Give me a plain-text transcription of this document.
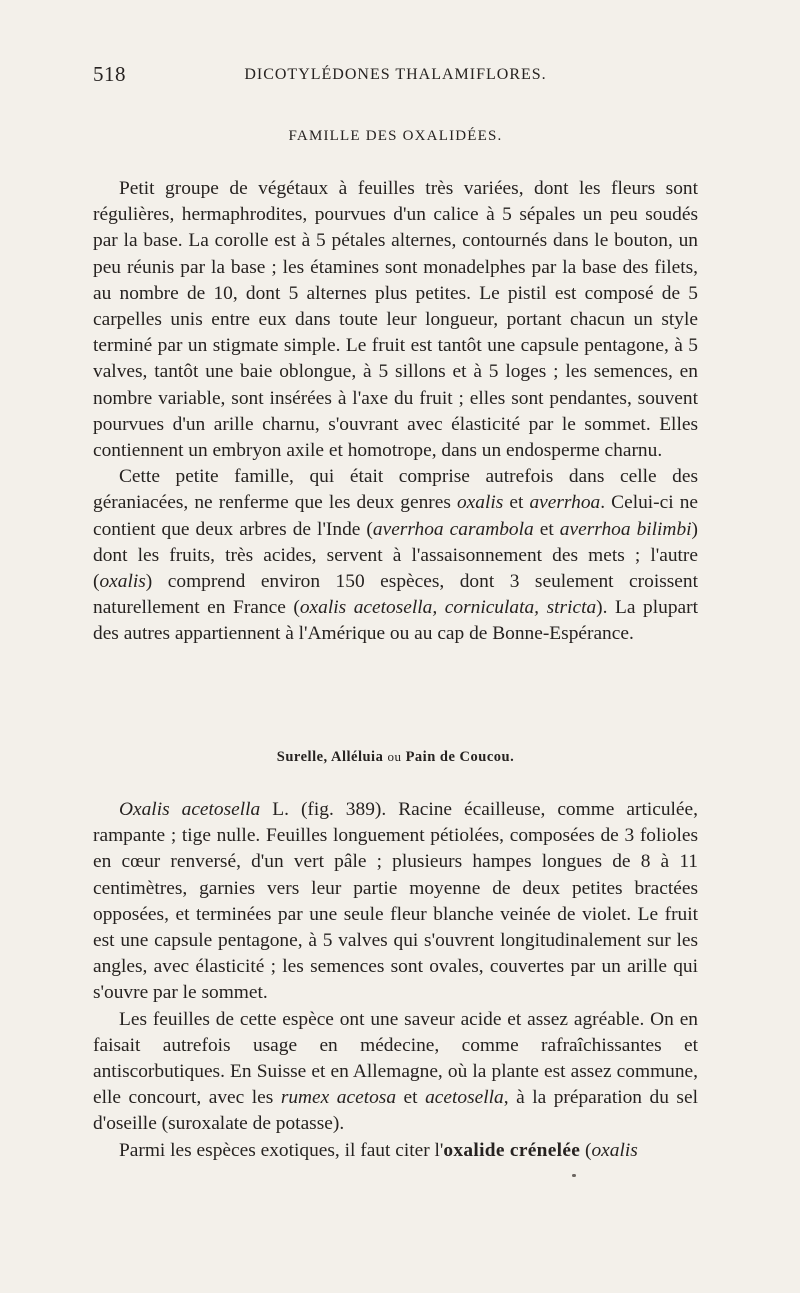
518	DICOTYLÉDONES THALAMIFLORES.
FAMILLE DES OXALIDÉES.

Petit groupe de végétaux à feuilles très variées, dont les fleurs sont régulières, hermaphrodites, pourvues d'un calice à 5 sépales un peu soudés par la base. La corolle est à 5 pétales alternes, contournés dans le bouton, un peu réunis par la base ; les étamines sont monadelphes par la base des filets, au nombre de 10, dont 5 alternes plus petites. Le pistil est composé de 5 carpelles unis entre eux dans toute leur longueur, portant chacun un style terminé par un stigmate simple. Le fruit est tantôt une capsule pentagone, à 5 valves, tantôt une baie oblongue, à 5 sillons et à 5 loges ; les semences, en nombre variable, sont insérées à l'axe du fruit ; elles sont pendantes, souvent pourvues d'un arille charnu, s'ouvrant avec élasticité par le sommet. Elles contiennent un embryon axile et homotrope, dans un endosperme charnu.

Cette petite famille, qui était comprise autrefois dans celle des géraniacées, ne renferme que les deux genres oxalis et averrhoa. Celui-ci ne contient que deux arbres de l'Inde (averrhoa carambola et averrhoa bilimbi) dont les fruits, très acides, servent à l'assaisonnement des mets ; l'autre (oxalis) comprend environ 150 espèces, dont 3 seulement croissent naturellement en France (oxalis acetosella, corniculata, stricta). La plupart des autres appartiennent à l'Amérique ou au cap de Bonne-Espérance.

Surelle, Alléluia ou Pain de Coucou.

Oxalis acetosella L. (fig. 389). Racine écailleuse, comme articulée, rampante ; tige nulle. Feuilles longuement pétiolées, composées de 3 folioles en cœur renversé, d'un vert pâle ; plusieurs hampes longues de 8 à 11 centimètres, garnies vers leur partie moyenne de deux petites bractées opposées, et terminées par une seule fleur blanche veinée de violet. Le fruit est une capsule pentagone, à 5 valves qui s'ouvrent longitudinalement sur les angles, avec élasticité ; les semences sont ovales, couvertes par un arille qui s'ouvre par le sommet.

Les feuilles de cette espèce ont une saveur acide et assez agréable. On en faisait autrefois usage en médecine, comme rafraîchissantes et antiscorbutiques. En Suisse et en Allemagne, où la plante est assez commune, elle concourt, avec les rumex acetosa et acetosella, à la préparation du sel d'oseille (suroxalate de potasse).

Parmi les espèces exotiques, il faut citer l'oxalide crénelée (oxalis
